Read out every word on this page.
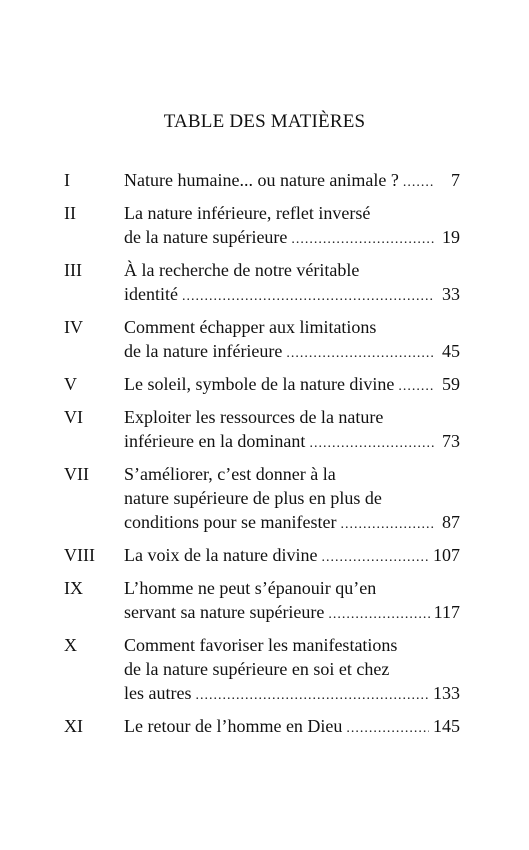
TABLE DES MATIÈRES
I	Nature humaine... ou nature animale ? .....	7
II	La nature inférieure, reflet inversé
de la nature supérieure .....	19
III À la recherche de notre véritable
identité .....	33
IV Comment échapper aux limitations
de la nature inférieure .....	45
V	Le soleil, symbole de la nature divine .....	59
VI Exploiter les ressources de la nature
inférieure en la dominant .....	73
VII S’améliorer, c’est donner à la
nature supérieure de plus en plus de
conditions pour se manifester .....	87
VIII La voix de la nature divine .....	107
IX L’homme ne peut s’épanouir qu’en
servant sa nature supérieure .....	117
X	Comment favoriser les manifestations
de la nature supérieure en soi et chez
les autres .....	133
XI Le retour de l’homme en Dieu .....	145
